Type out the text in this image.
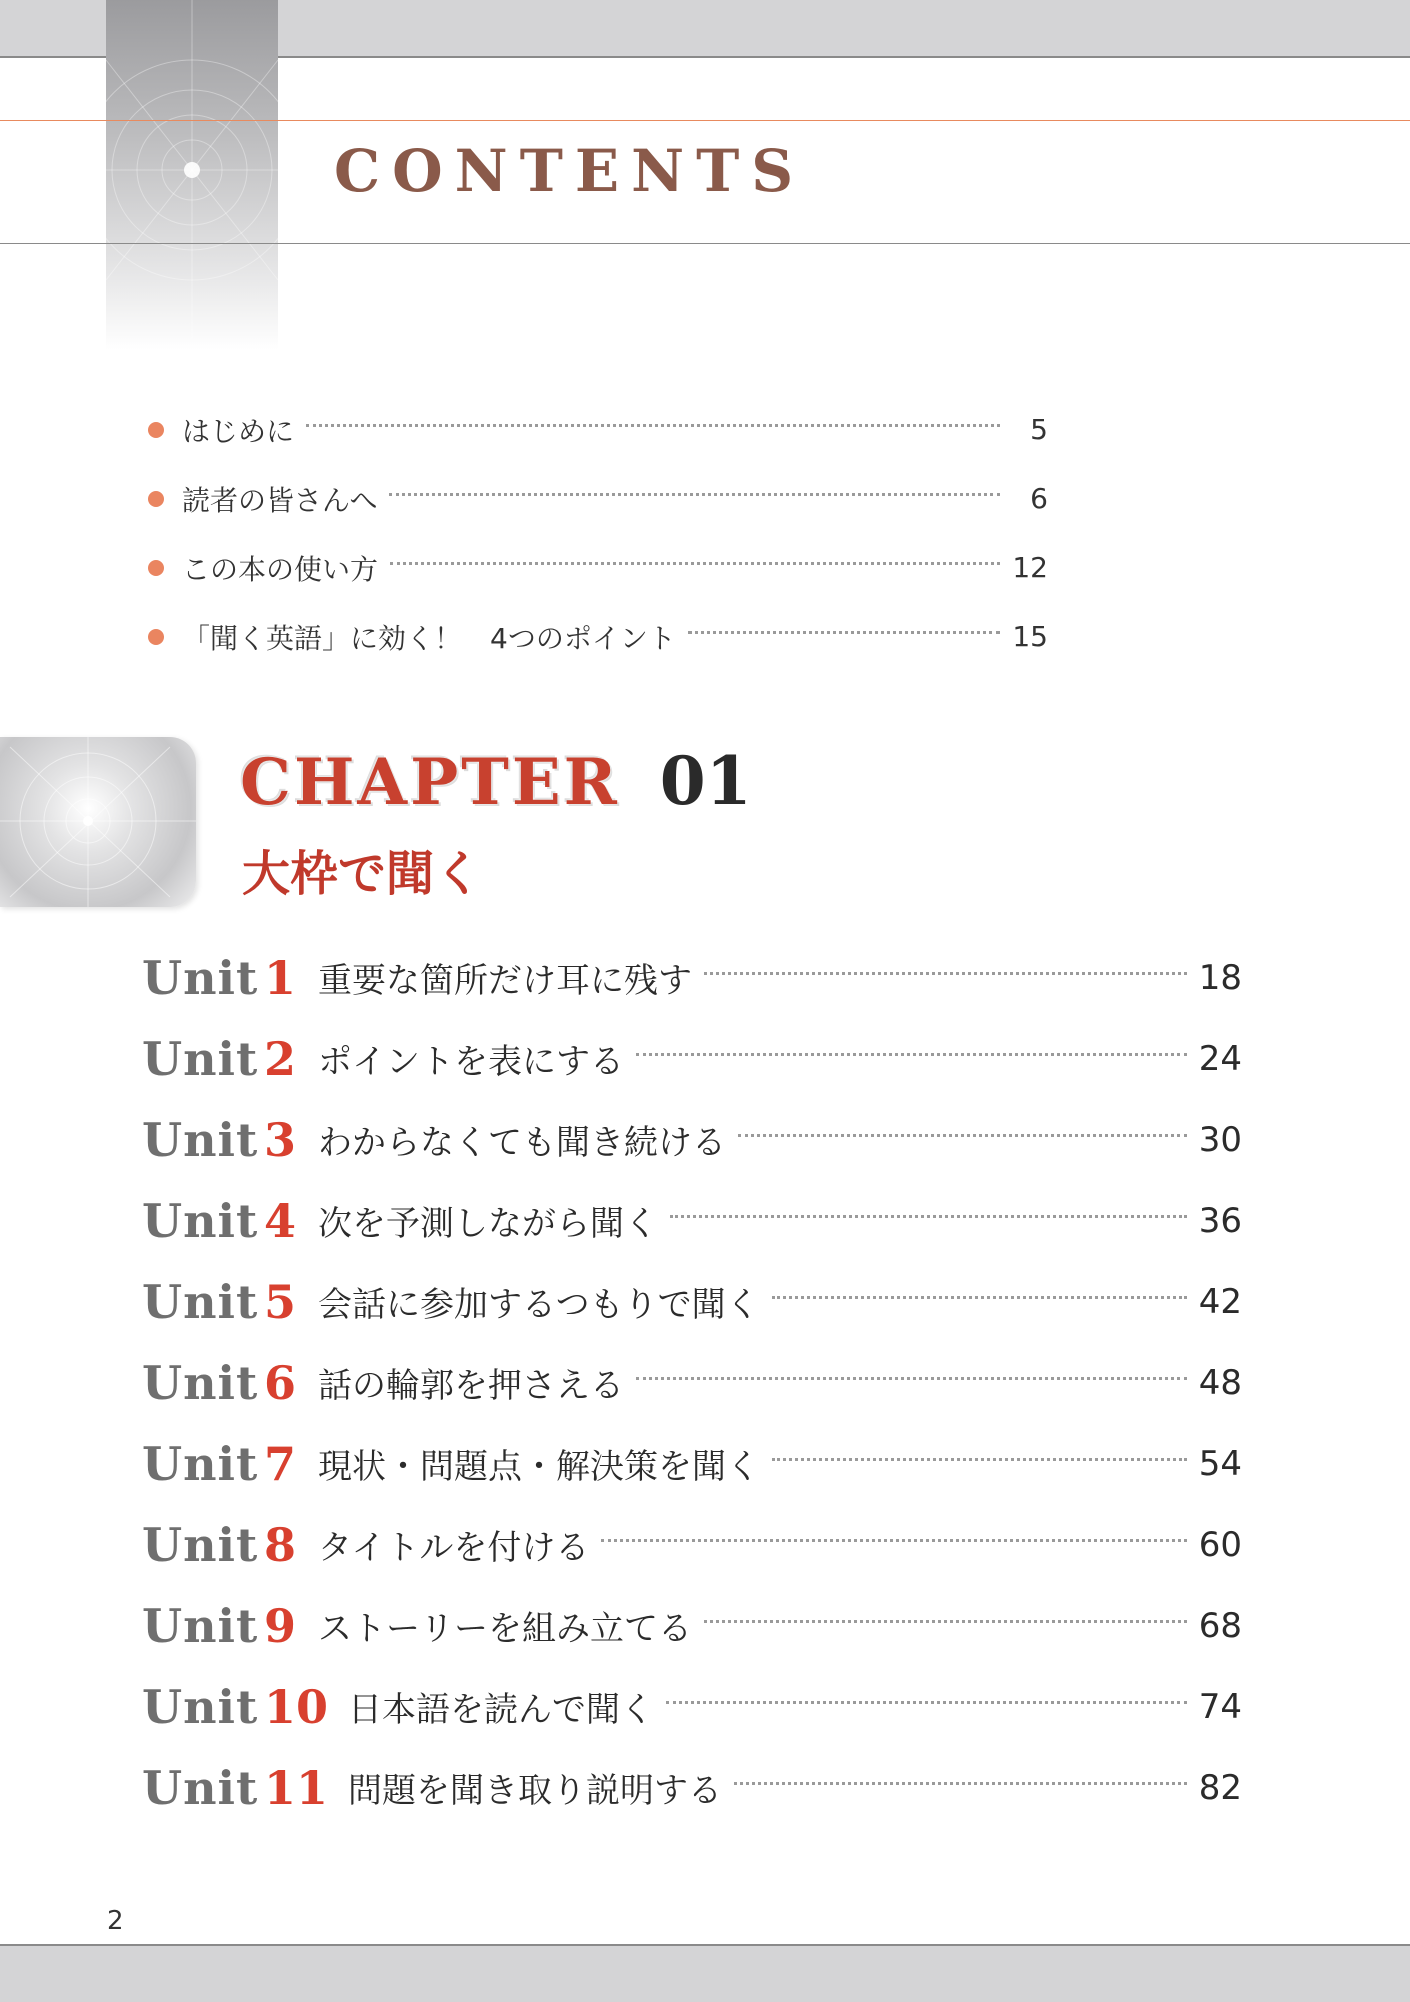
CONTENTS
はじめに	5
読者の皆さんへ	6
この本の使い方	12
「聞く英語」に効く！　4つのポイント	15
CHAPTER 01
大枠で聞く
Unit 1 重要な箇所だけ耳に残す	18
Unit 2 ポイントを表にする	24
Unit 3 わからなくても聞き続ける	30
Unit 4 次を予測しながら聞く	36
Unit 5 会話に参加するつもりで聞く	42
Unit 6 話の輪郭を押さえる	48
Unit 7 現状・問題点・解決策を聞く	54
Unit 8 タイトルを付ける	60
Unit 9 ストーリーを組み立てる	68
Unit 10 日本語を読んで聞く	74
Unit 11 問題を聞き取り説明する	82
2
